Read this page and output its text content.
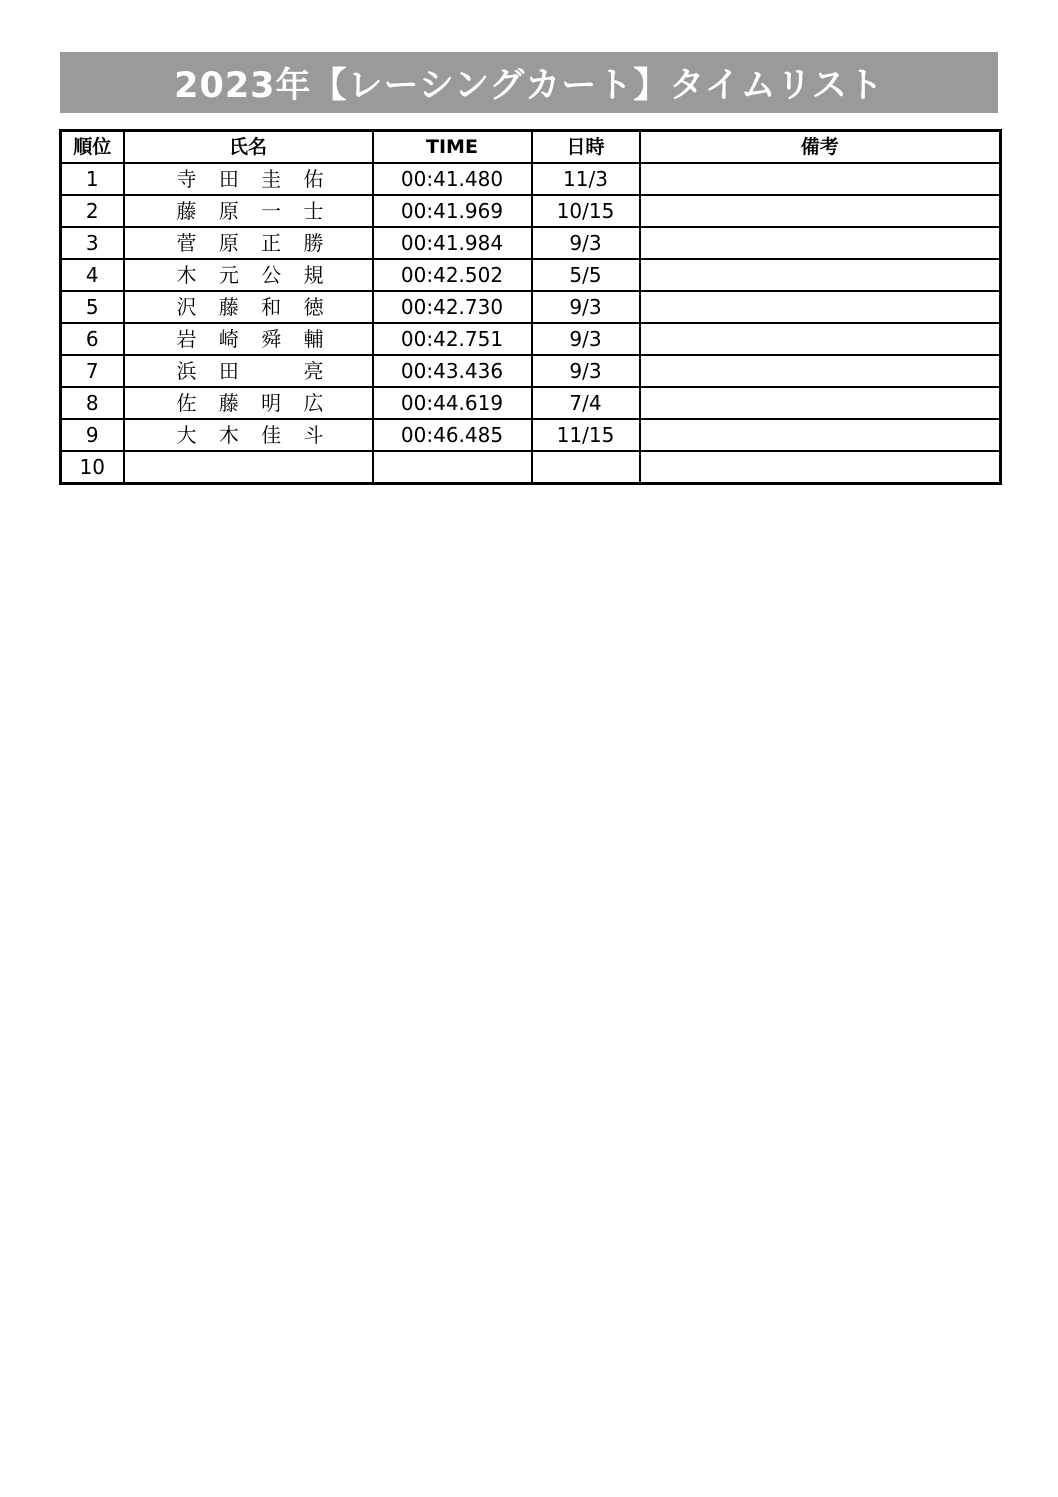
2023年【レーシングカート】タイムリスト
順位	氏名	TIME	日時	備考
1	寺 田 圭 佑	00:41.480	11/3	
2	藤 原 一 士	00:41.969	10/15	
3	菅 原 正 勝	00:41.984	9/3	
4	木 元 公 規	00:42.502	5/5	
5	沢 藤 和 徳	00:42.730	9/3	
6	岩 崎 舜 輔	00:42.751	9/3	
7	浜 田 亮	00:43.436	9/3	
8	佐 藤 明 広	00:44.619	7/4	
9	大 木 佳 斗	00:46.485	11/15	
10	
